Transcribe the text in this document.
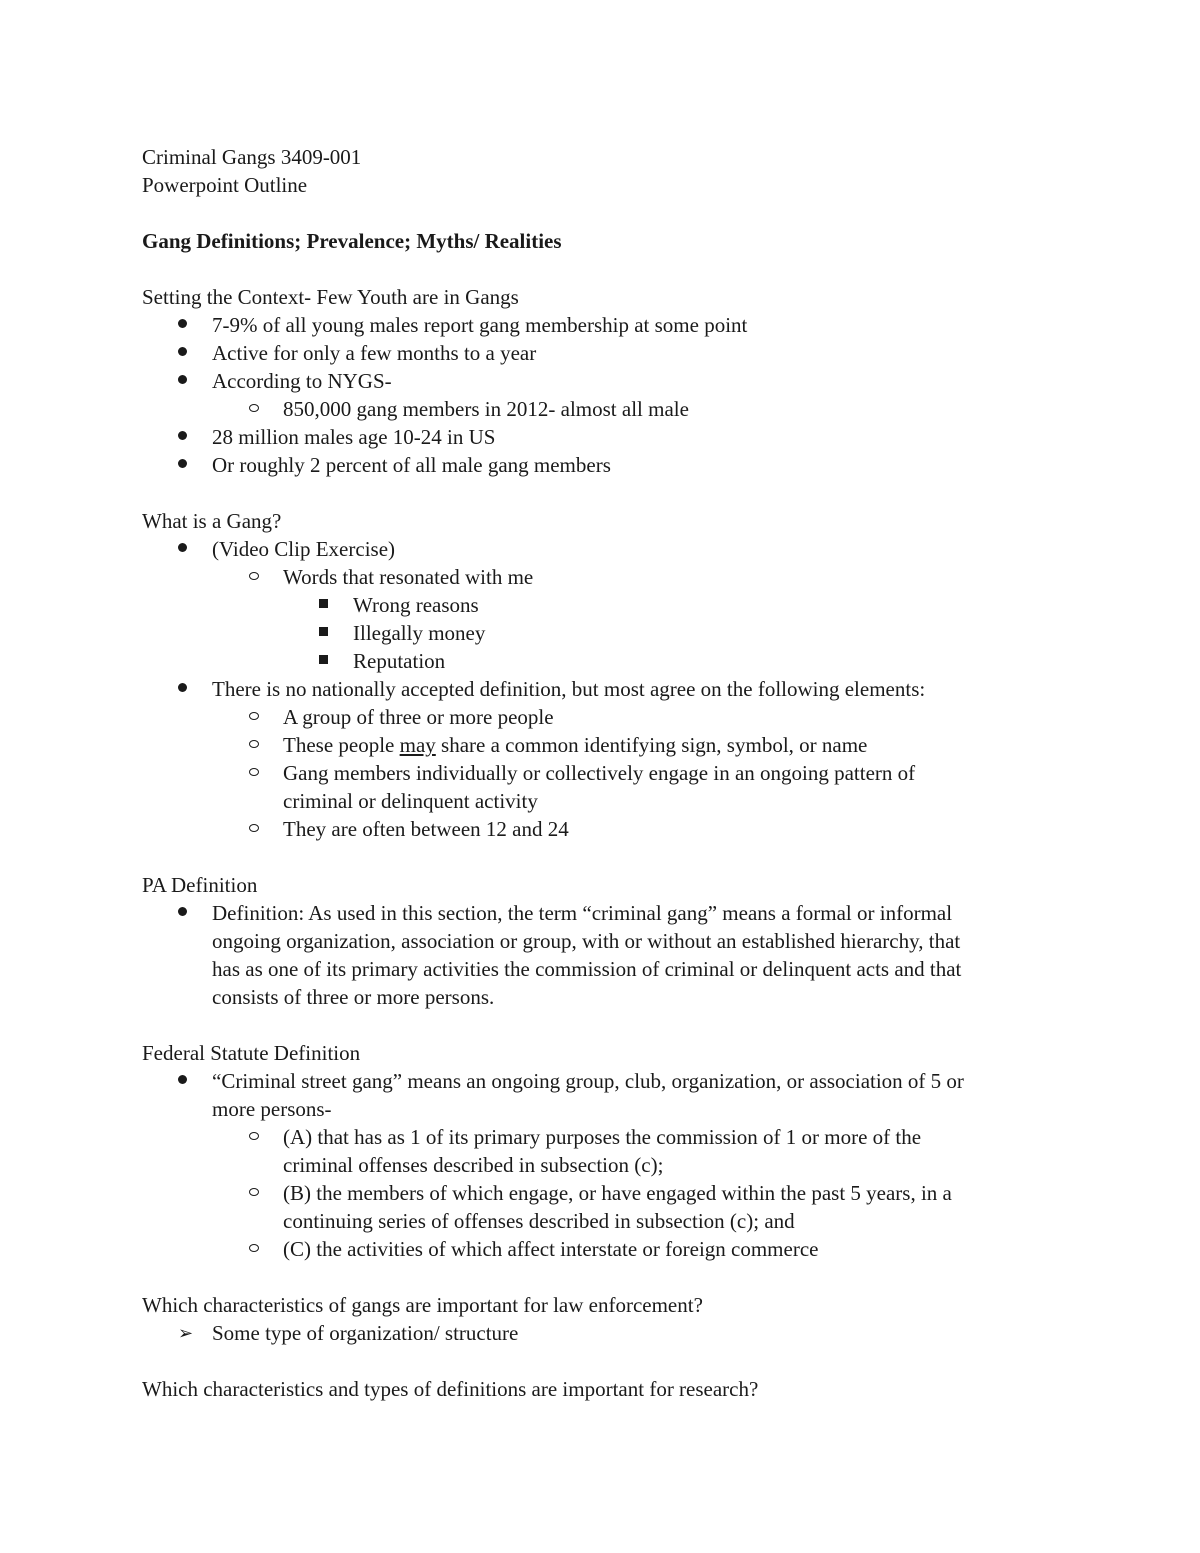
Criminal Gangs 3409-001

Powerpoint Outline

Gang Definitions; Prevalence; Myths/ Realities

Setting the Context- Few Youth are in Gangs

7-9% of all young males report gang membership at some point
Active for only a few months to a year
According to NYGS-
850,000 gang members in 2012- almost all male
28 million males age 10-24 in US
Or roughly 2 percent of all male gang members

What is a Gang?

(Video Clip Exercise)
Words that resonated with me
Wrong reasons
Illegally money
Reputation
There is no nationally accepted definition, but most agree on the following elements:
A group of three or more people
These people may share a common identifying sign, symbol, or name
Gang members individually or collectively engage in an ongoing pattern of
criminal or delinquent activity
They are often between 12 and 24

PA Definition

Definition: As used in this section, the term “criminal gang” means a formal or informal
ongoing organization, association or group, with or without an established hierarchy, that
has as one of its primary activities the commission of criminal or delinquent acts and that
consists of three or more persons.

Federal Statute Definition

“Criminal street gang” means an ongoing group, club, organization, or association of 5 or
more persons-
(A) that has as 1 of its primary purposes the commission of 1 or more of the
criminal offenses described in subsection (c);
(B) the members of which engage, or have engaged within the past 5 years, in a
continuing series of offenses described in subsection (c); and
(C) the activities of which affect interstate or foreign commerce

Which characteristics of gangs are important for law enforcement?

➢ Some type of organization/ structure

Which characteristics and types of definitions are important for research?
